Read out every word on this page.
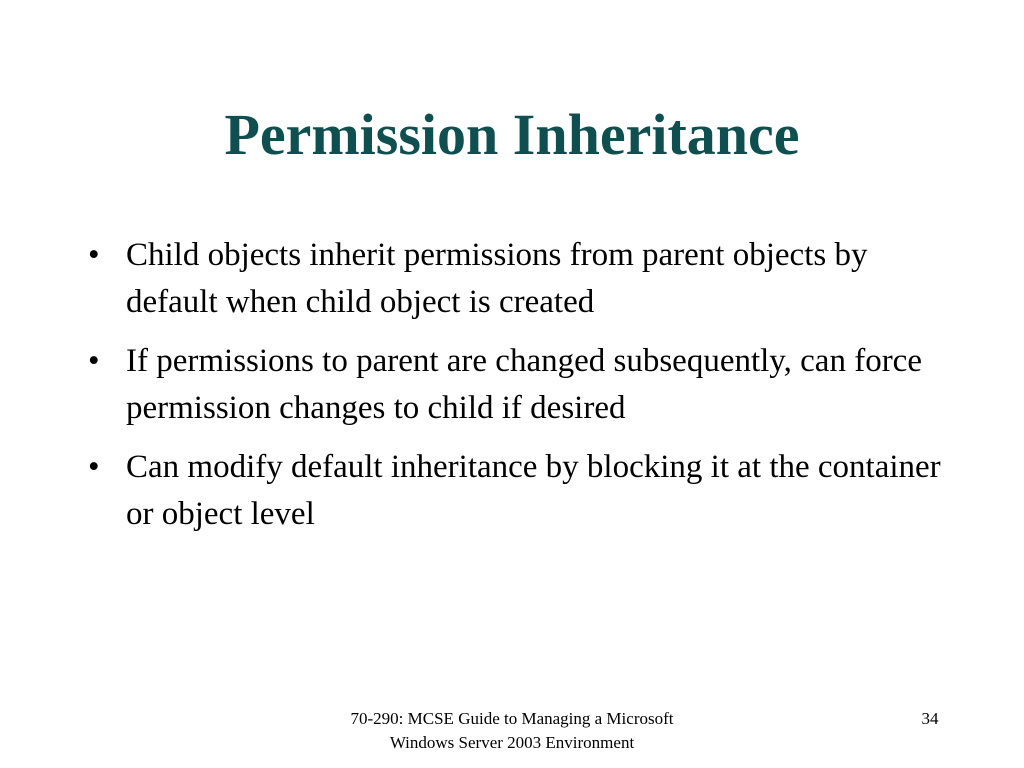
Permission Inheritance
• Child objects inherit permissions from parent objects by default when child object is created
• If permissions to parent are changed subsequently, can force permission changes to child if desired
• Can modify default inheritance by blocking it at the container or object level
70-290: MCSE Guide to Managing a Microsoft
Windows Server 2003 Environment
34
